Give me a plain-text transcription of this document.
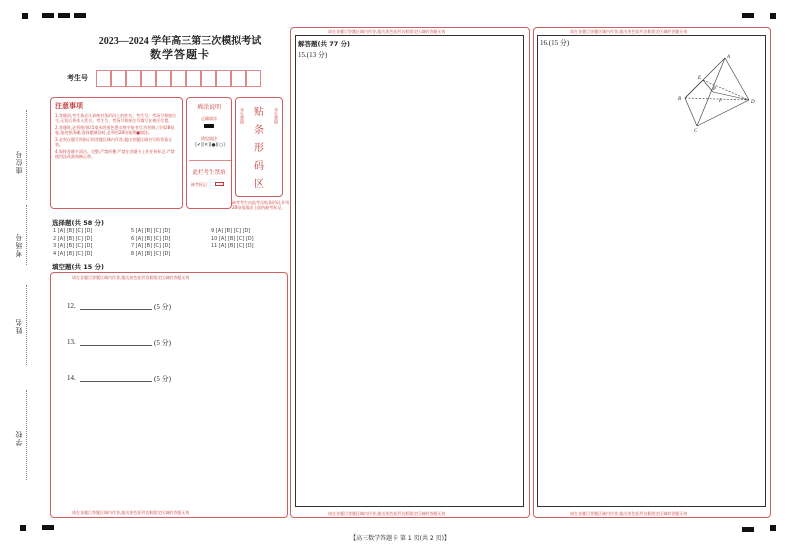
座位号
考场号
姓名
学校
2023—2024 学年高三第三次模拟考试
数学答题卡
考生号
注意事项
1.答题前,考生务必认真核对条形码上的姓名、考生号、考场号和座位号,无误后将本人姓名、考生号、考场号和座位号填写在相应位置。
2.答题时,必须使用0.5毫米的黑色墨水签字笔书写;作图时,可用2B铅笔,笔迹要清晰;选择题填涂时,必须用2B铅笔将■填涂。
3.必须在题号所指示的答题区域内作答,超出答题区域书写的答案无效。
4.保持答题卡清洁、完整,严禁折叠,严禁在答题卡上作任何标记,严禁使用涂改液和修正带。
填涂说明
正确填涂
错误填涂
[✔][✕][●][○]
此栏考生禁填
缺考标记
贴条形码区
考生禁填	考生禁填
缺考考生由监考员贴条形码,并用2B铅笔填涂上面的缺考标记。
选择题(共 58 分)
1 [A] [B] [C] [D]	5 [A] [B] [C] [D]	9 [A] [B] [C] [D]
2 [A] [B] [C] [D]	6 [A] [B] [C] [D]	10 [A] [B] [C] [D]
3 [A] [B] [C] [D]	7 [A] [B] [C] [D]	11 [A] [B] [C] [D]
4 [A] [B] [C] [D]	8 [A] [B] [C] [D]
填空题(共 15 分)
请在各题目答题区域内作答,超出黑色矩形边框限定区域的答题无效
请在各题目答题区域内作答,超出黑色矩形边框限定区域的答题无效
12.	(5 分)
13.	(5 分)
14.	(5 分)
请在各题目答题区域内作答,超出黑色矩形边框限定区域的答题无效
解答题(共 77 分)
15.(13 分)
请在各题目答题区域内作答,超出黑色矩形边框限定区域的答题无效
请在各题目答题区域内作答,超出黑色矩形边框限定区域的答题无效
16.(15 分)
请在各题目答题区域内作答,超出黑色矩形边框限定区域的答题无效
A
B
C
D
E
P
F
【高三数学答题卡 第 1 页(共 2 页)】
